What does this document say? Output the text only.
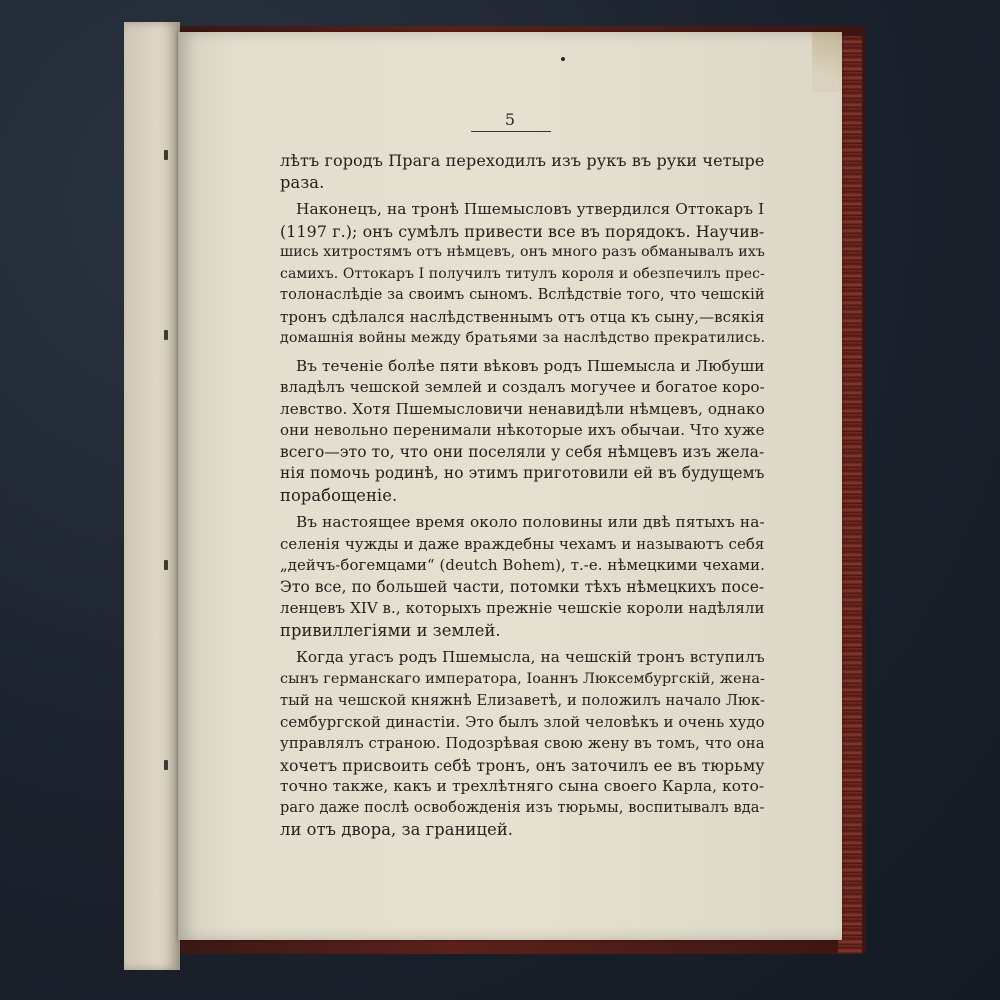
5
лѣтъ городъ Прага переходилъ изъ рукъ въ руки четыре
раза.
Наконецъ, на тронѣ Пшемысловъ утвердился Оттокаръ I
(1197 г.); онъ сумѣлъ привести все въ порядокъ. Научив-
шись хитростямъ отъ нѣмцевъ, онъ много разъ обманывалъ ихъ
самихъ. Оттокаръ I получилъ титулъ короля и обезпечилъ прес-
толонаслѣдіе за своимъ сыномъ. Вслѣдствіе того, что чешскій
тронъ сдѣлался наслѣдственнымъ отъ отца къ сыну,—всякія
домашнія войны между братьями за наслѣдство прекратились.
Въ теченіе болѣе пяти вѣковъ родъ Пшемысла и Любуши
владѣлъ чешской землей и создалъ могучее и богатое коро-
левство. Хотя Пшемысловичи ненавидѣли нѣмцевъ, однако
они невольно перенимали нѣкоторые ихъ обычаи. Что хуже
всего—это то, что они поселяли у себя нѣмцевъ изъ жела-
нія помочь родинѣ, но этимъ приготовили ей въ будущемъ
порабощеніе.
Въ настоящее время около половины или двѣ пятыхъ на-
селенія чужды и даже враждебны чехамъ и называютъ себя
„дейчъ-богемцами“ (deutch Bohem), т.-е. нѣмецкими чехами.
Это все, по большей части, потомки тѣхъ нѣмецкихъ посе-
ленцевъ XIV в., которыхъ прежніе чешскіе короли надѣляли
привиллегіями и землей.
Когда угасъ родъ Пшемысла, на чешскій тронъ вступилъ
сынъ германскаго императора, Іоаннъ Люксембургскій, жена-
тый на чешской княжнѣ Елизаветѣ, и положилъ начало Люк-
сембургской династіи. Это былъ злой человѣкъ и очень худо
управлялъ страною. Подозрѣвая свою жену въ томъ, что она
хочетъ присвоить себѣ тронъ, онъ заточилъ ее въ тюрьму
точно также, какъ и трехлѣтняго сына своего Карла, кото-
раго даже послѣ освобожденія изъ тюрьмы, воспитывалъ вда-
ли отъ двора, за границей.
